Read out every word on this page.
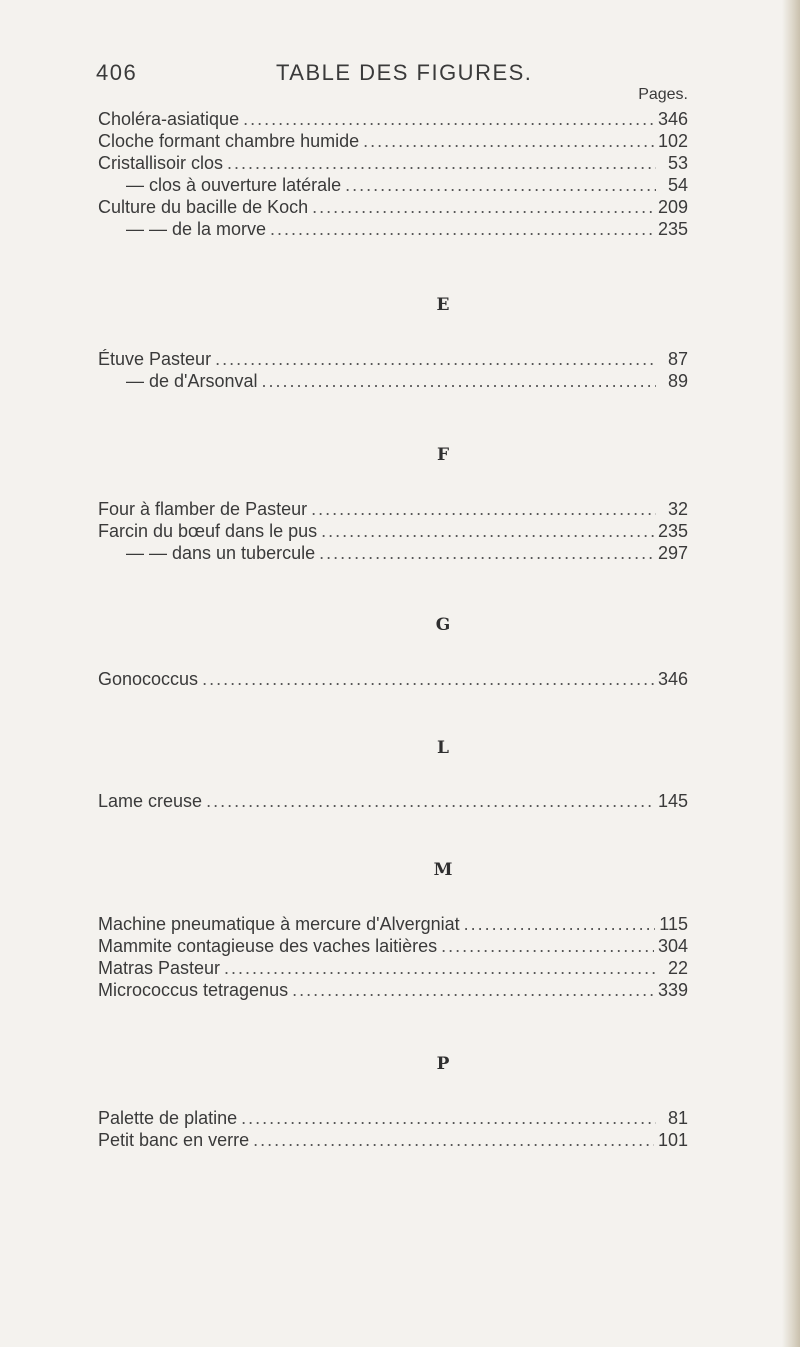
406	TABLE DES FIGURES.
Pages.
Choléra-asiatique .....	346
Cloche formant chambre humide .....	102
Cristallisoir clos .....	53
— clos à ouverture latérale .....	54
Culture du bacille de Koch .....	209
— — de la morve .....	235
E
Étuve Pasteur .....	87
— de d'Arsonval .....	89
F
Four à flamber de Pasteur .....	32
Farcin du bœuf dans le pus .....	235
— — dans un tubercule .....	297
G
Gonococcus .....	346
L
Lame creuse .....	145
M
Machine pneumatique à mercure d'Alvergniat .....	115
Mammite contagieuse des vaches laitières .....	304
Matras Pasteur .....	22
Micrococcus tetragenus .....	339
P
Palette de platine .....	81
Petit banc en verre .....	101
